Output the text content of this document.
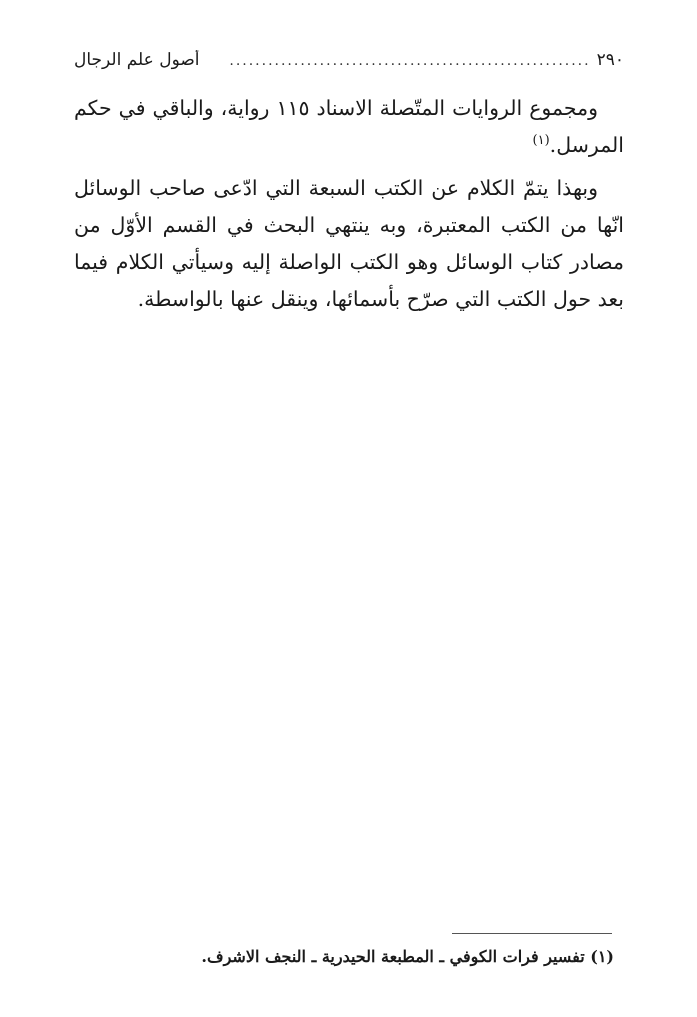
٢٩٠
........................................................
أصول علم الرجال

ومجموع الروايات المتّصلة الاسناد ١١٥ رواية، والباقي في حكم المرسل.$^{(١)}$

وبهذا يتمّ الكلام عن الكتب السبعة التي ادّعى صاحب الوسائل انّها من الكتب المعتبرة، وبه ينتهي البحث في القسم الأوّل من مصادر كتاب الوسائل وهو الكتب الواصلة إليه وسيأتي الكلام فيما بعد حول الكتب التي صرّح بأسمائها، وينقل عنها بالواسطة.

(١) تفسير فرات الكوفي ـ المطبعة الحيدرية ـ النجف الاشرف.
